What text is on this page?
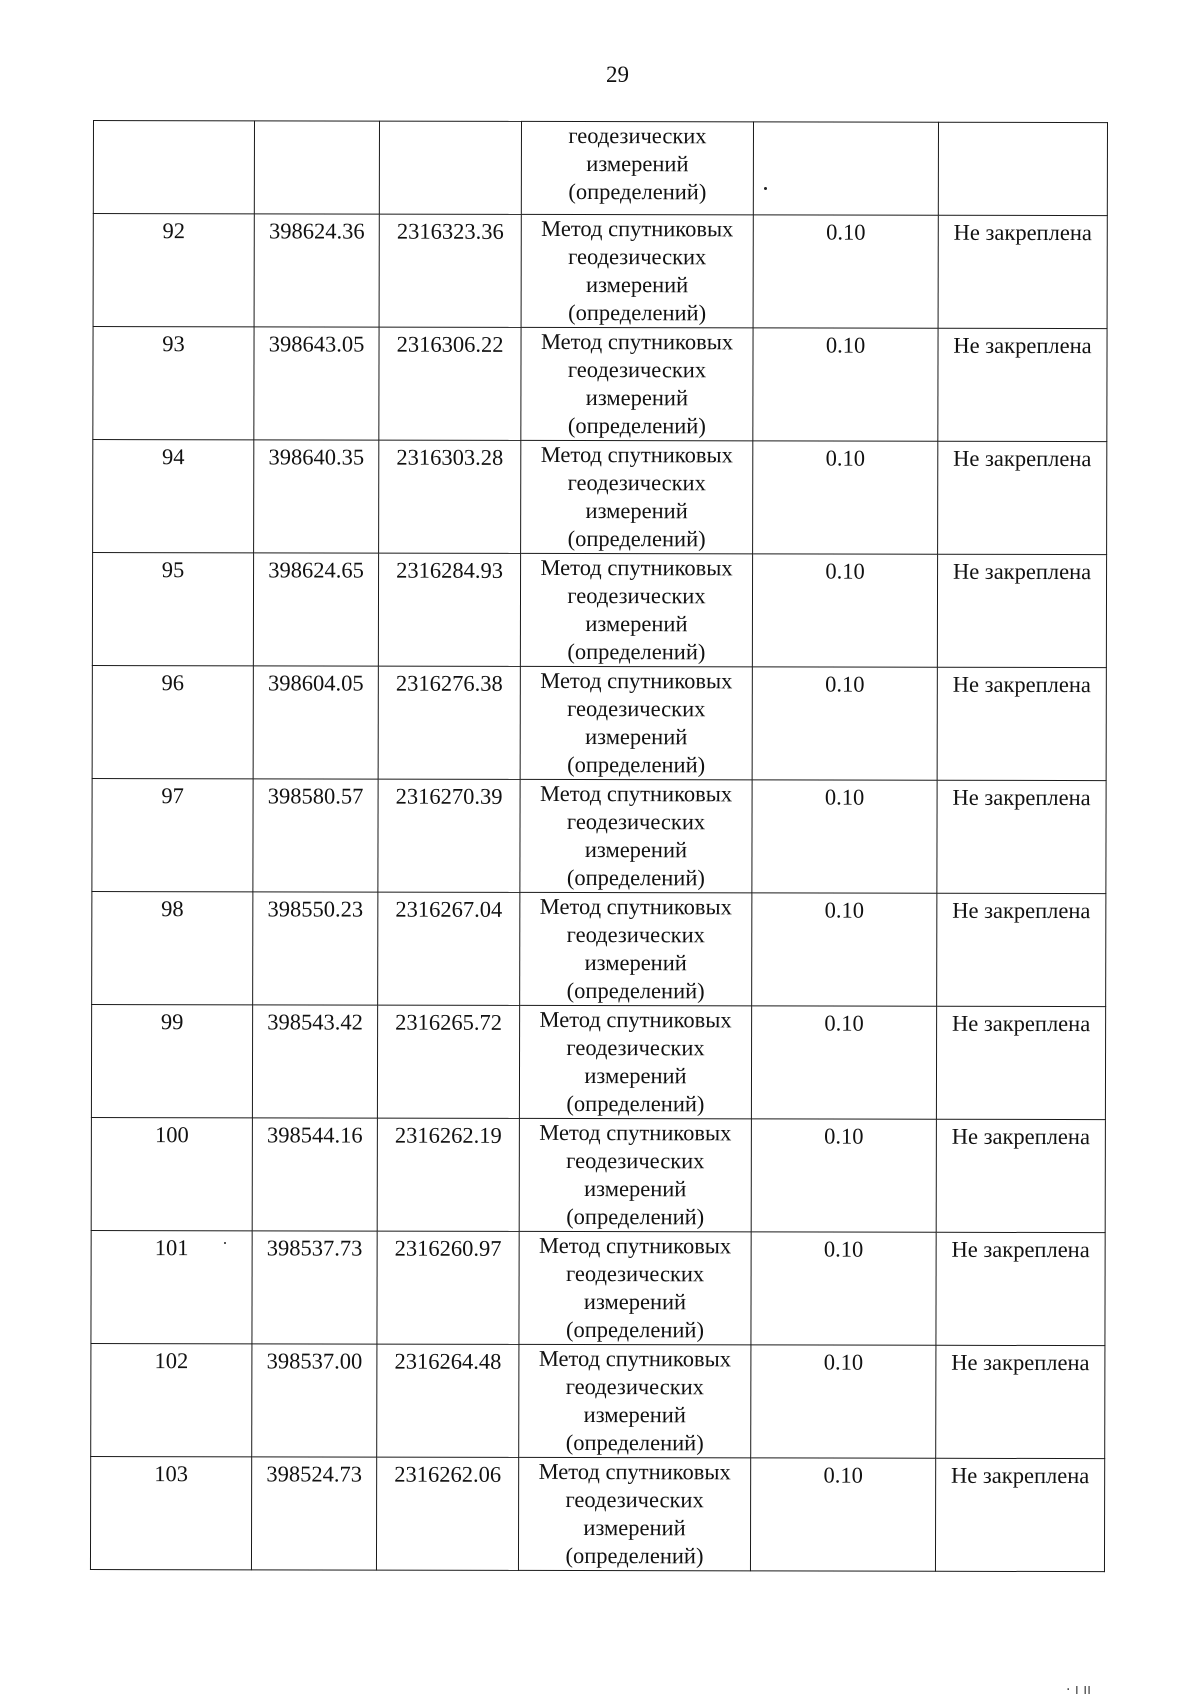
29

			геодезических
измерений
(определений)		

92	398624.36	2316323.36	Метод спутниковых
геодезических
измерений
(определений)	0.10	Не закреплена
93	398643.05	2316306.22	Метод спутниковых
геодезических
измерений
(определений)	0.10	Не закреплена
94	398640.35	2316303.28	Метод спутниковых
геодезических
измерений
(определений)	0.10	Не закреплена
95	398624.65	2316284.93	Метод спутниковых
геодезических
измерений
(определений)	0.10	Не закреплена
96	398604.05	2316276.38	Метод спутниковых
геодезических
измерений
(определений)	0.10	Не закреплена
97	398580.57	2316270.39	Метод спутниковых
геодезических
измерений
(определений)	0.10	Не закреплена
98	398550.23	2316267.04	Метод спутниковых
геодезических
измерений
(определений)	0.10	Не закреплена
99	398543.42	2316265.72	Метод спутниковых
геодезических
измерений
(определений)	0.10	Не закреплена
100	398544.16	2316262.19	Метод спутниковых
геодезических
измерений
(определений)	0.10	Не закреплена
101	398537.73	2316260.97	Метод спутниковых
геодезических
измерений
(определений)	0.10	Не закреплена
102	398537.00	2316264.48	Метод спутниковых
геодезических
измерений
(определений)	0.10	Не закреплена
103	398524.73	2316262.06	Метод спутниковых
геодезических
измерений
(определений)	0.10	Не закреплена
· ı ıı
